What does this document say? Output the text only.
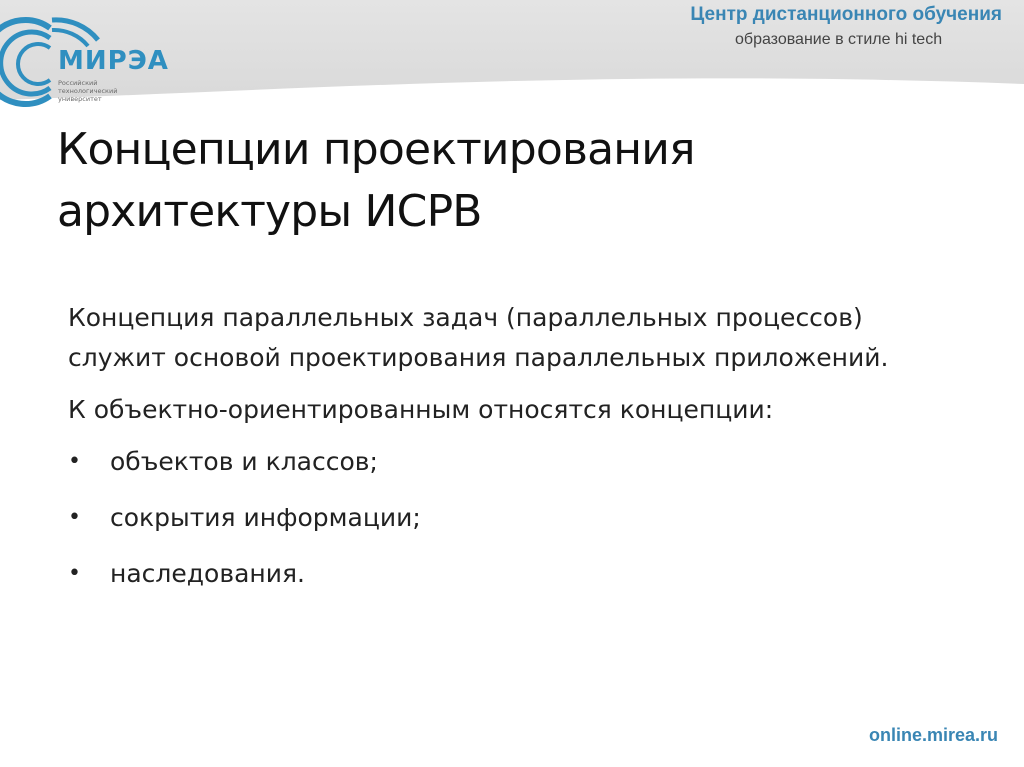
МИРЭА
Российский технологический университет
Центр дистанционного обучения
образование в стиле hi tech
Концепции проектирования
архитектуры ИСРВ

Концепция параллельных задач (параллельных процессов) служит основой проектирования параллельных приложений.

К объектно-ориентированным относятся концепции:

• объектов и классов;
• сокрытия информации;
• наследования.
online.mirea.ru
